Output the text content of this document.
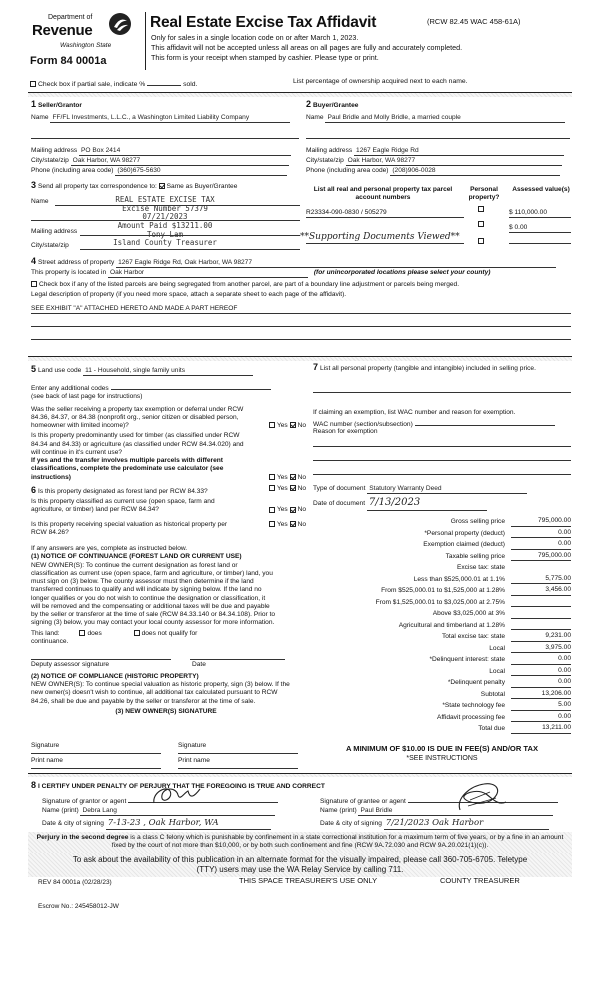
Department of
Revenue
Washington State
Form 84 0001a
Real Estate Excise Tax Affidavit	(RCW 82.45 WAC 458-61A)
Only for sales in a single location code on or after March 1, 2023.
This affidavit will not be accepted unless all areas on all pages are fully and accurately completed.
This form is your receipt when stamped by cashier. Please type or print.
Check box if partial sale, indicate %	sold.	List percentage of ownership acquired next to each name.
1 Seller/Grantor
Name FF/FL Investments, L.L.C., a Washington Limited Liability Company
Mailing address PO Box 2414
City/state/zip Oak Harbor, WA 98277
Phone (including area code) (360)675-5630
2 Buyer/Grantee
Name Paul Bridle and Molly Bridle, a married couple
Mailing address 1267 Eagle Ridge Rd
City/state/zip Oak Harbor, WA 98277
Phone (including area code) (208)906-0028
3 Send all property tax correspondence to: Same as Buyer/Grantee
Name
Mailing address
City/state/zip
REAL ESTATE EXCISE TAX
Excise Number 57379
07/21/2023
Amount Paid $13211.00
Tony Lam
Island County Treasurer
List all real and personal property tax parcel account numbers
Personal property?
Assessed value(s)
R23334-090-0830 / 505279	$ 110,000.00
$ 0.00
**Supporting Documents Viewed**
4 Street address of property 1267 Eagle Ridge Rd, Oak Harbor, WA 98277
This property is located in Oak Harbor	(for unincorporated locations please select your county)
Check box if any of the listed parcels are being segregated from another parcel, are part of a boundary line adjustment or parcels being merged.
Legal description of property (if you need more space, attach a separate sheet to each page of the affidavit).
SEE EXHIBIT "A" ATTACHED HERETO AND MADE A PART HEREOF
5 Land use code 11 - Household, single family units
Enter any additional codes
(see back of last page for instructions)
Was the seller receiving a property tax exemption or deferral under RCW 84.36, 84.37, or 84.38 (nonprofit org., senior citizen or disabled person, homeowner with limited income)?	Yes No
Is this property predominantly used for timber (as classified under RCW 84.34 and 84.33) or agriculture (as classified under RCW 84.34.020) and will continue in it's current use?
If yes and the transfer involves multiple parcels with different classifications, complete the predominate use calculator (see instructions)	Yes No
7 List all personal property (tangible and intangible) included in selling price.
If claiming an exemption, list WAC number and reason for exemption.
WAC number (section/subsection)
Reason for exemption
6 Is this property designated as forest land per RCW 84.33?	Yes No
Is this property classified as current use (open space, farm and agriculture, or timber) land per RCW 84.34?	Yes No
Is this property receiving special valuation as historical property per RCW 84.26?
Yes No
If any answers are yes, complete as instructed below.
(1) NOTICE OF CONTINUANCE (FOREST LAND OR CURRENT USE)
NEW OWNER(S): To continue the current designation as forest land or classification as current use (open space, farm and agriculture, or timber) land, you must sign on (3) below. The county assessor must then determine if the land transferred continues to qualify and will indicate by signing below. If the land no longer qualifies or you do not wish to continue the designation or classification, it will be removed and the compensating or additional taxes will be due and payable by the seller or transferor at the time of sale (RCW 84.33.140 or 84.34.108). Prior to signing (3) below, you may contact your local county assessor for more information.
This land:	does	does not qualify for
continuance.
Deputy assessor signature	Date
(2) NOTICE OF COMPLIANCE (HISTORIC PROPERTY)
NEW OWNER(S): To continue special valuation as historic property, sign (3) below. If the new owner(s) doesn't wish to continue, all additional tax calculated pursuant to RCW 84.26, shall be due and payable by the seller or transferor at the time of sale.
(3) NEW OWNER(S) SIGNATURE
Signature	Signature
Print name	Print name
Type of document Statutory Warranty Deed
Date of document 7/13/2023
Gross selling price	795,000.00
*Personal property (deduct)	0.00
Exemption claimed (deduct)	0.00
Taxable selling price	795,000.00
Excise tax: state
Less than $525,000.01 at 1.1%	5,775.00
From $525,000.01 to $1,525,000 at 1.28%	3,456.00
From $1,525,000.01 to $3,025,000 at 2.75%
Above $3,025,000 at 3%
Agricultural and timberland at 1.28%
Total excise tax: state	9,231.00
Local	3,975.00
*Delinquent interest: state	0.00
Local	0.00
*Delinquent penalty	0.00
Subtotal	13,206.00
*State technology fee	5.00
Affidavit processing fee	0.00
Total due	13,211.00
A MINIMUM OF $10.00 IS DUE IN FEE(S) AND/OR TAX
*SEE INSTRUCTIONS
8 I CERTIFY UNDER PENALTY OF PERJURY THAT THE FOREGOING IS TRUE AND CORRECT
Signature of grantor or agent
Name (print) Debra Lang
Date & city of signing 7-13-23 , Oak Harbor, WA
Signature of grantee or agent
Name (print) Paul Bridle
Date & city of signing 7/21/2023 Oak Harbor
Perjury in the second degree is a class C felony which is punishable by confinement in a state correctional institution for a maximum term of five years, or by a fine in an amount fixed by the court of not more than $10,000, or by both such confinement and fine (RCW 9A.72.030 and RCW 9A.20.021(1)(c)).
To ask about the availability of this publication in an alternate format for the visually impaired, please call 360-705-6705. Teletype (TTY) users may use the WA Relay Service by calling 711.
REV 84 0001a (02/28/23)	THIS SPACE TREASURER'S USE ONLY	COUNTY TREASURER
Escrow No.: 245458012-JW
